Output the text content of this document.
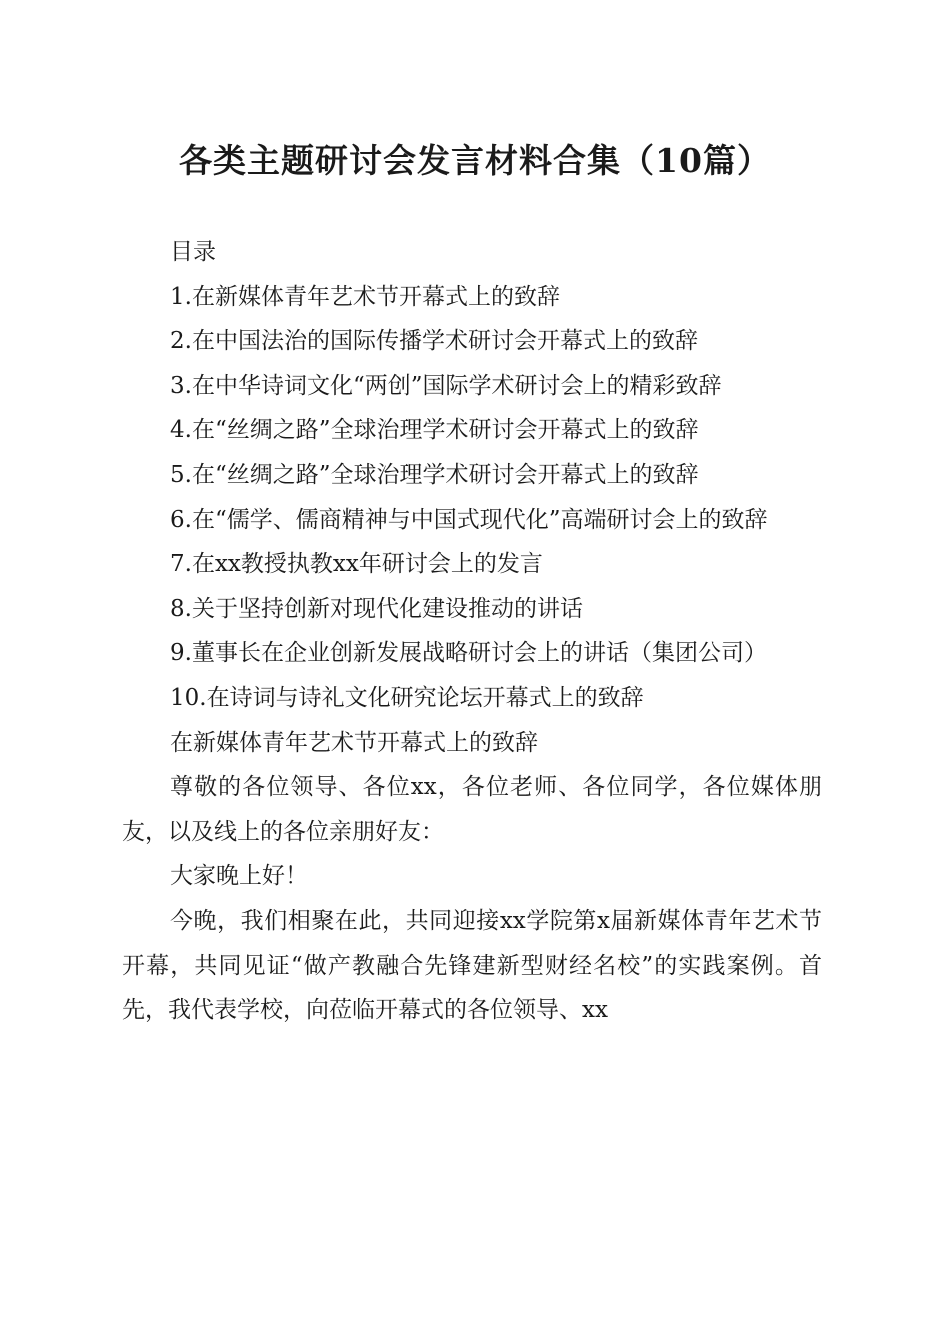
各类主题研讨会发言材料合集（10篇）

目录

1.在新媒体青年艺术节开幕式上的致辞

2.在中国法治的国际传播学术研讨会开幕式上的致辞

3.在中华诗词文化“两创”国际学术研讨会上的精彩致辞

4.在“丝绸之路”全球治理学术研讨会开幕式上的致辞

5.在“丝绸之路”全球治理学术研讨会开幕式上的致辞

6.在“儒学、儒商精神与中国式现代化”高端研讨会上的致辞

7.在xx教授执教xx年研讨会上的发言

8.关于坚持创新对现代化建设推动的讲话

9.董事长在企业创新发展战略研讨会上的讲话（集团公司）

10.在诗词与诗礼文化研究论坛开幕式上的致辞

在新媒体青年艺术节开幕式上的致辞

尊敬的各位领导、各位xx，各位老师、各位同学，各位媒体朋友，以及线上的各位亲朋好友：

大家晚上好！

今晚，我们相聚在此，共同迎接xx学院第x届新媒体青年艺术节开幕，共同见证“做产教融合先锋建新型财经名校”的实践案例。首先，我代表学校，向莅临开幕式的各位领导、xx
